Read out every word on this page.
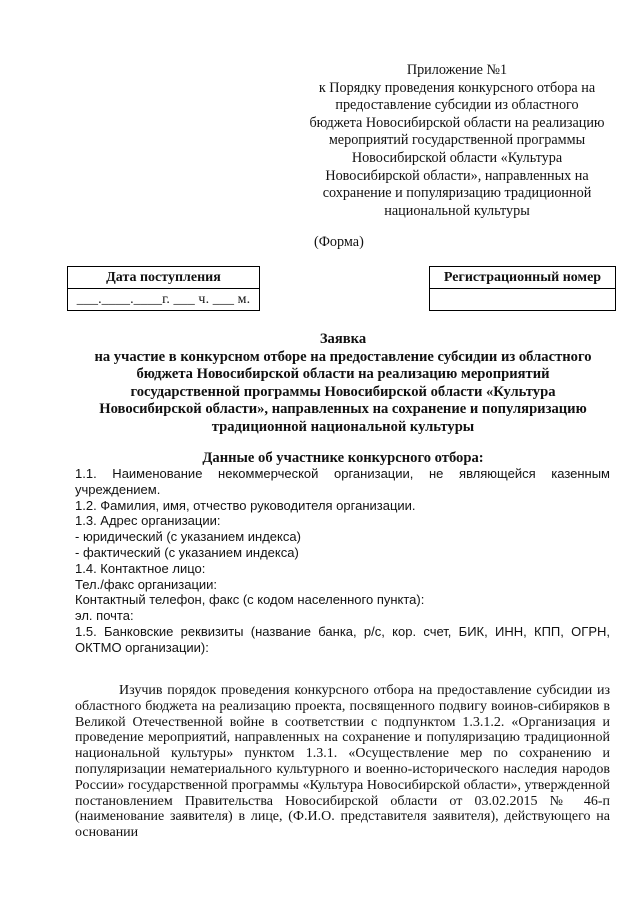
Приложение №1
к Порядку проведения конкурсного отбора на
предоставление субсидии из областного
бюджета Новосибирской области на реализацию
мероприятий государственной программы
Новосибирской области «Культура
Новосибирской области», направленных на
сохранение и популяризацию традиционной
национальной культуры
(Форма)
Дата поступления
___.____.____г. ___ ч. ___ м.
Регистрационный номер

Заявка
на участие в конкурсном отборе на предоставление субсидии из областного
бюджета Новосибирской области на реализацию мероприятий
государственной программы Новосибирской области «Культура
Новосибирской области», направленных на сохранение и популяризацию
традиционной национальной культуры
Данные об участнике конкурсного отбора:
1.1. Наименование некоммерческой организации, не являющейся казенным учреждением.
1.2. Фамилия, имя, отчество руководителя организации.
1.3. Адрес организации:
- юридический (с указанием индекса)
- фактический (с указанием индекса)
1.4. Контактное лицо:
Тел./факс организации:
Контактный телефон, факс (с кодом населенного пункта):
эл. почта:
1.5. Банковские реквизиты (название банка, р/с, кор. счет, БИК, ИНН, КПП, ОГРН, ОКТМО организации):
Изучив порядок проведения конкурсного отбора на предоставление субсидии из областного бюджета на реализацию проекта, посвященного подвигу воинов-сибиряков в Великой Отечественной войне в соответствии с подпунктом 1.3.1.2. «Организация и проведение мероприятий, направленных на сохранение и популяризацию традиционной национальной культуры» пунктом 1.3.1. «Осуществление мер по сохранению и популяризации нематериального культурного и военно-исторического наследия народов России» государственной программы «Культура Новосибирской области», утвержденной постановлением Правительства Новосибирской области от 03.02.2015 № 46-п (наименование заявителя) в лице, (Ф.И.О. представителя заявителя), действующего на основании
